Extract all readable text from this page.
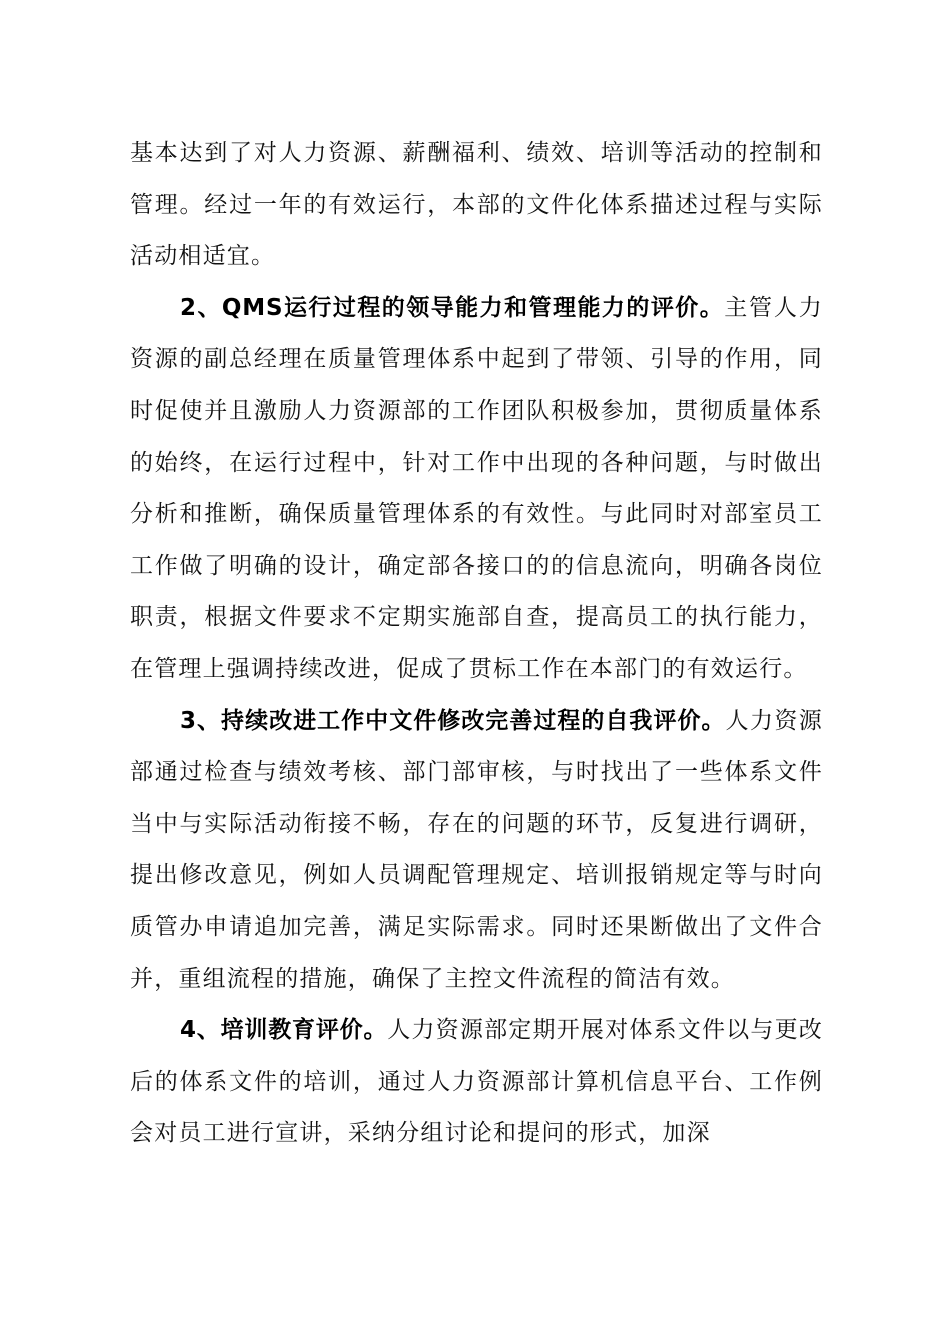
基本达到了对人力资源、薪酬福利、绩效、培训等活动的控制和管理。经过一年的有效运行，本部的文件化体系描述过程与实际活动相适宜。

2、QMS运行过程的领导能力和管理能力的评价。主管人力资源的副总经理在质量管理体系中起到了带领、引导的作用，同时促使并且激励人力资源部的工作团队积极参加，贯彻质量体系的始终，在运行过程中，针对工作中出现的各种问题，与时做出分析和推断，确保质量管理体系的有效性。与此同时对部室员工工作做了明确的设计，确定部各接口的的信息流向，明确各岗位职责，根据文件要求不定期实施部自查，提高员工的执行能力，在管理上强调持续改进，促成了贯标工作在本部门的有效运行。

3、持续改进工作中文件修改完善过程的自我评价。人力资源部通过检查与绩效考核、部门部审核，与时找出了一些体系文件当中与实际活动衔接不畅，存在的问题的环节，反复进行调研，提出修改意见，例如人员调配管理规定、培训报销规定等与时向质管办申请追加完善，满足实际需求。同时还果断做出了文件合并，重组流程的措施，确保了主控文件流程的简洁有效。

4、培训教育评价。人力资源部定期开展对体系文件以与更改后的体系文件的培训，通过人力资源部计算机信息平台、工作例会对员工进行宣讲，采纳分组讨论和提问的形式，加深
